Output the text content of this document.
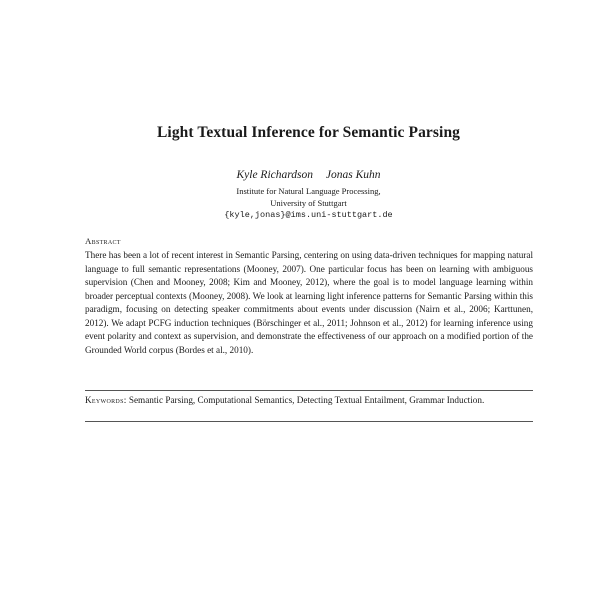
Light Textual Inference for Semantic Parsing
Kyle Richardson Jonas Kuhn
Institute for Natural Language Processing,
University of Stuttgart
{kyle,jonas}@ims.uni-stuttgart.de
Abstract
There has been a lot of recent interest in Semantic Parsing, centering on using data-driven techniques for mapping natural language to full semantic representations (Mooney, 2007). One particular focus has been on learning with ambiguous supervision (Chen and Mooney, 2008; Kim and Mooney, 2012), where the goal is to model language learning within broader perceptual contexts (Mooney, 2008). We look at learning light inference patterns for Semantic Parsing within this paradigm, focusing on detecting speaker commitments about events under discussion (Nairn et al., 2006; Karttunen, 2012). We adapt PCFG induction techniques (Börschinger et al., 2011; Johnson et al., 2012) for learning inference using event polarity and context as supervision, and demonstrate the effectiveness of our approach on a modified portion of the Grounded World corpus (Bordes et al., 2010).
Keywords: Semantic Parsing, Computational Semantics, Detecting Textual Entailment, Grammar Induction.
